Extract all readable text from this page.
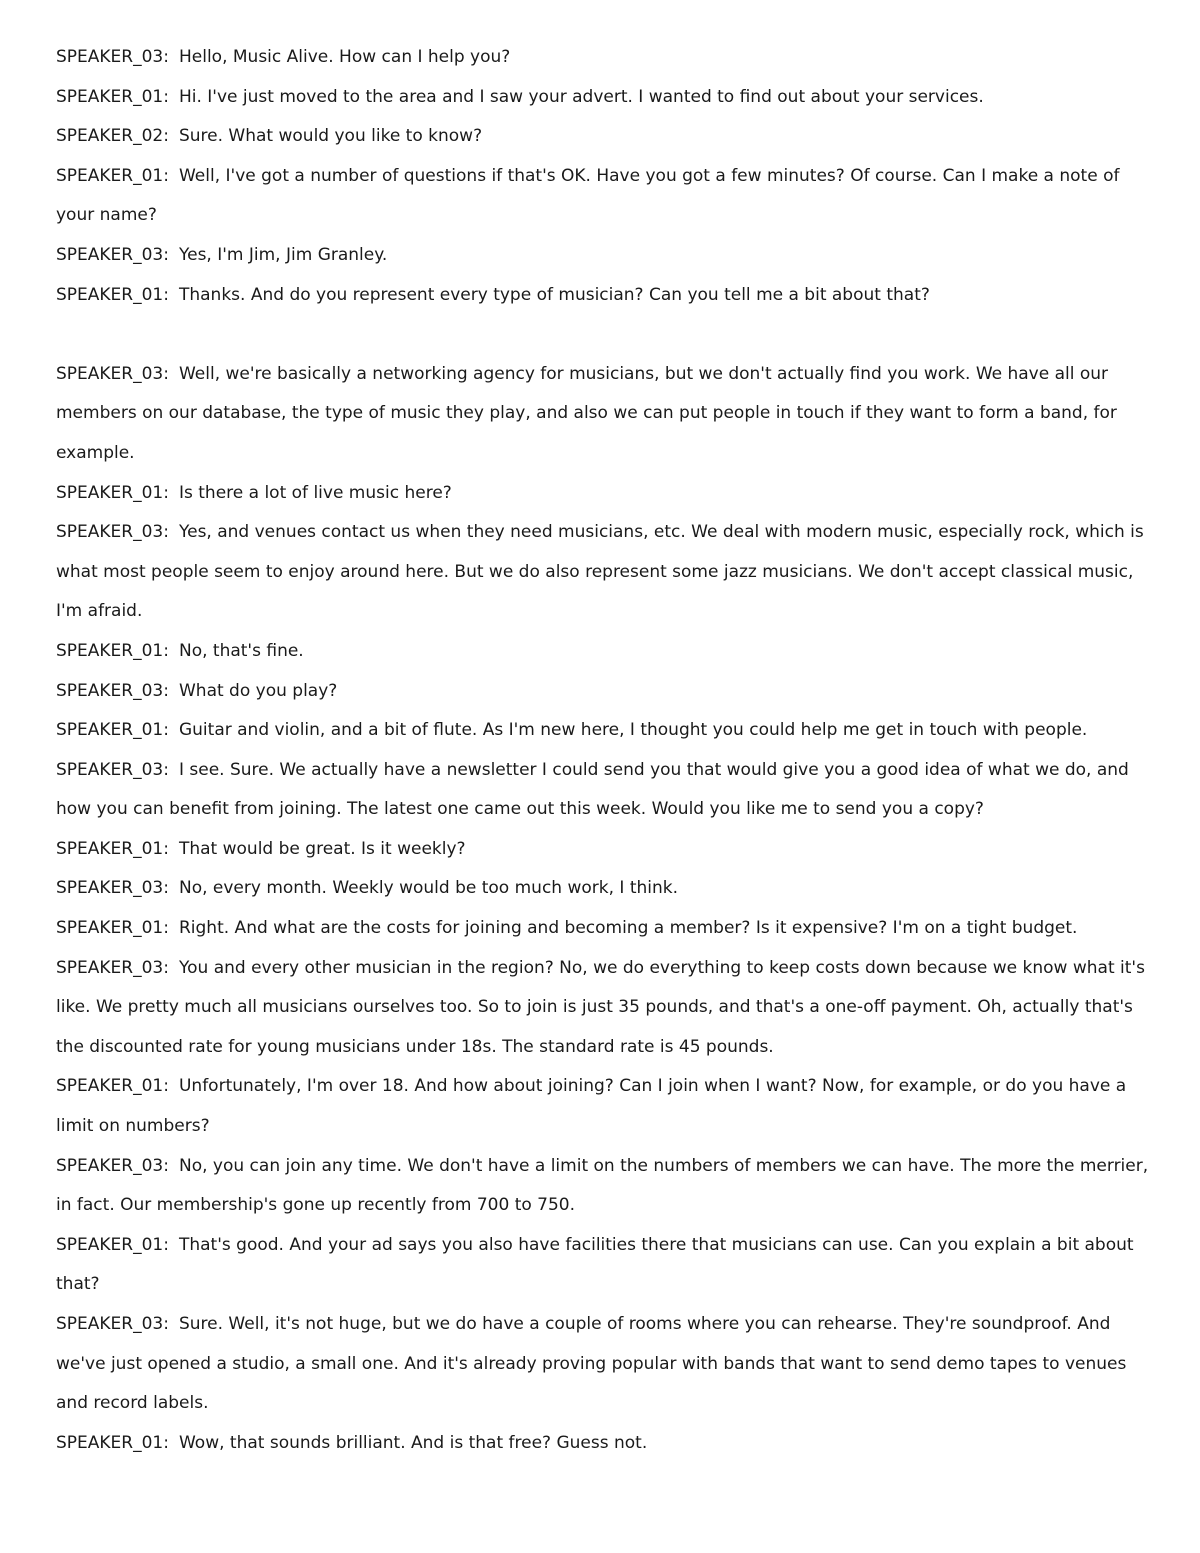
SPEAKER_03 : Hello, Music Alive. How can I help you?

SPEAKER_01 : Hi. I've just moved to the area and I saw your advert. I wanted to find out about your services.

SPEAKER_02 : Sure. What would you like to know?

SPEAKER_01 : Well, I've got a number of questions if that's OK. Have you got a few minutes? Of course. Can I make a note of your name?

SPEAKER_03 : Yes, I'm Jim, Jim Granley.

SPEAKER_01 : Thanks. And do you represent every type of musician? Can you tell me a bit about that?

SPEAKER_03 : Well, we're basically a networking agency for musicians, but we don't actually find you work. We have all our members on our database, the type of music they play, and also we can put people in touch if they want to form a band, for example.

SPEAKER_01 : Is there a lot of live music here?

SPEAKER_03 : Yes, and venues contact us when they need musicians, etc. We deal with modern music, especially rock, which is what most people seem to enjoy around here. But we do also represent some jazz musicians. We don't accept classical music, I'm afraid.

SPEAKER_01 : No, that's fine.

SPEAKER_03 : What do you play?

SPEAKER_01 : Guitar and violin, and a bit of flute. As I'm new here, I thought you could help me get in touch with people.

SPEAKER_03 : I see. Sure. We actually have a newsletter I could send you that would give you a good idea of what we do, and how you can benefit from joining. The latest one came out this week. Would you like me to send you a copy?

SPEAKER_01 : That would be great. Is it weekly?

SPEAKER_03 : No, every month. Weekly would be too much work, I think.

SPEAKER_01 : Right. And what are the costs for joining and becoming a member? Is it expensive? I'm on a tight budget.

SPEAKER_03 : You and every other musician in the region? No, we do everything to keep costs down because we know what it's like. We pretty much all musicians ourselves too. So to join is just 35 pounds, and that's a one-off payment. Oh, actually that's the discounted rate for young musicians under 18s. The standard rate is 45 pounds.

SPEAKER_01 : Unfortunately, I'm over 18. And how about joining? Can I join when I want? Now, for example, or do you have a limit on numbers?

SPEAKER_03 : No, you can join any time. We don't have a limit on the numbers of members we can have. The more the merrier, in fact. Our membership's gone up recently from 700 to 750.

SPEAKER_01 : That's good. And your ad says you also have facilities there that musicians can use. Can you explain a bit about that?

SPEAKER_03 : Sure. Well, it's not huge, but we do have a couple of rooms where you can rehearse. They're soundproof. And we've just opened a studio, a small one. And it's already proving popular with bands that want to send demo tapes to venues and record labels.

SPEAKER_01 : Wow, that sounds brilliant. And is that free? Guess not.
